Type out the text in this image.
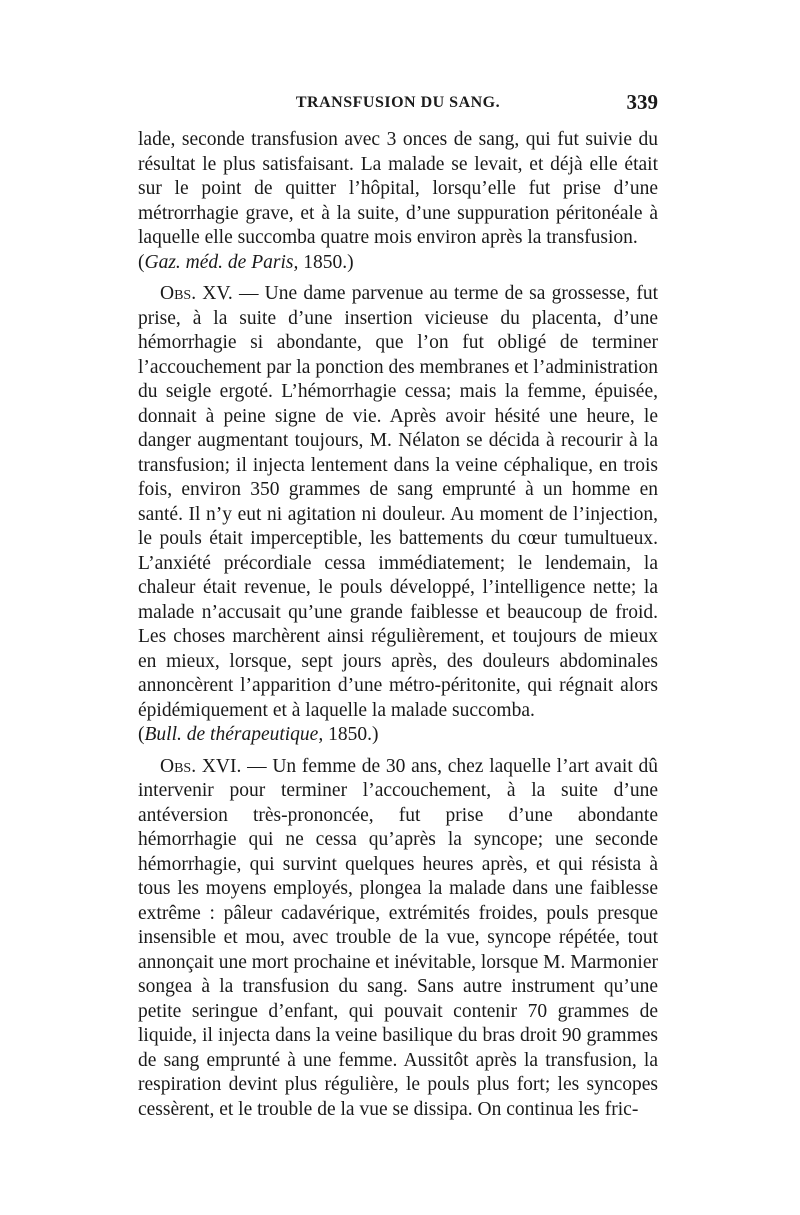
TRANSFUSION DU SANG.	339

lade, seconde transfusion avec 3 onces de sang, qui fut suivie du résultat le plus satisfaisant. La malade se levait, et déjà elle était sur le point de quitter l’hôpital, lorsqu’elle fut prise d’une métrorrhagie grave, et à la suite, d’une suppuration péritonéale à laquelle elle succomba quatre mois environ après la transfusion.
(Gaz. méd. de Paris, 1850.)

Obs. XV. — Une dame parvenue au terme de sa grossesse, fut prise, à la suite d’une insertion vicieuse du placenta, d’une hémorrhagie si abondante, que l’on fut obligé de terminer l’accouchement par la ponction des membranes et l’administration du seigle ergoté. L’hémorrhagie cessa; mais la femme, épuisée, donnait à peine signe de vie. Après avoir hésité une heure, le danger augmentant toujours, M. Nélaton se décida à recourir à la transfusion; il injecta lentement dans la veine céphalique, en trois fois, environ 350 grammes de sang emprunté à un homme en santé. Il n’y eut ni agitation ni douleur. Au moment de l’injection, le pouls était imperceptible, les battements du cœur tumultueux. L’anxiété précordiale cessa immédiatement; le lendemain, la chaleur était revenue, le pouls développé, l’intelligence nette; la malade n’accusait qu’une grande faiblesse et beaucoup de froid. Les choses marchèrent ainsi régulièrement, et toujours de mieux en mieux, lorsque, sept jours après, des douleurs abdominales annoncèrent l’apparition d’une métro-péritonite, qui régnait alors épidémiquement et à laquelle la malade succomba.
(Bull. de thérapeutique, 1850.)

Obs. XVI. — Un femme de 30 ans, chez laquelle l’art avait dû intervenir pour terminer l’accouchement, à la suite d’une antéversion très-prononcée, fut prise d’une abondante hémorrhagie qui ne cessa qu’après la syncope; une seconde hémorrhagie, qui survint quelques heures après, et qui résista à tous les moyens employés, plongea la malade dans une faiblesse extrême : pâleur cadavérique, extrémités froides, pouls presque insensible et mou, avec trouble de la vue, syncope répétée, tout annonçait une mort prochaine et inévitable, lorsque M. Marmonier songea à la transfusion du sang. Sans autre instrument qu’une petite seringue d’enfant, qui pouvait contenir 70 grammes de liquide, il injecta dans la veine basilique du bras droit 90 grammes de sang emprunté à une femme. Aussitôt après la transfusion, la respiration devint plus régulière, le pouls plus fort; les syncopes cessèrent, et le trouble de la vue se dissipa. On continua les fric-
